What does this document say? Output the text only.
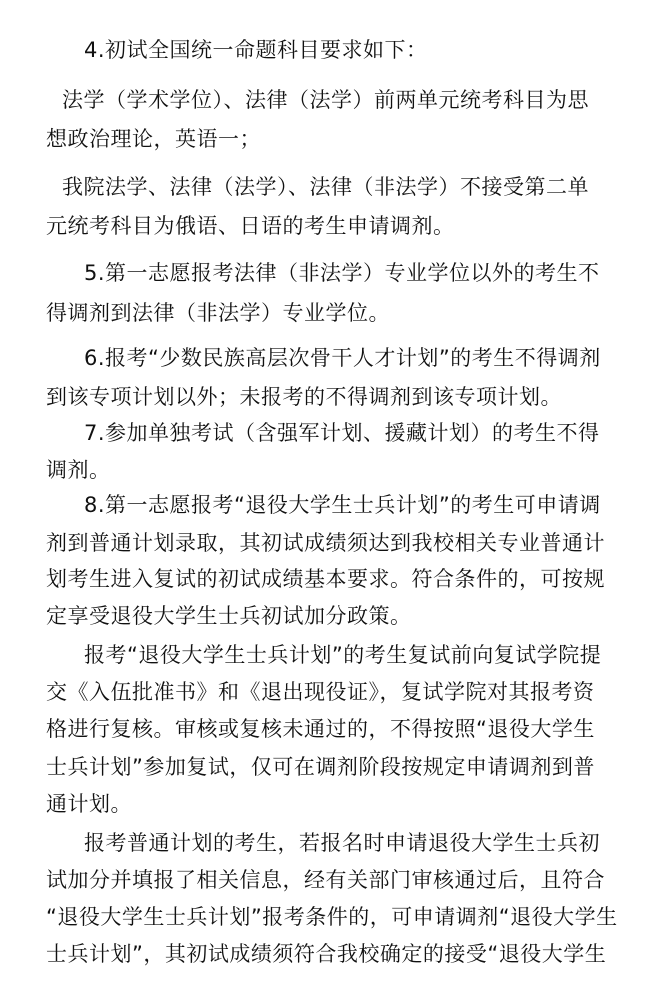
4.初试全国统一命题科目要求如下：
法学（学术学位）、法律（法学）前两单元统考科目为思
想政治理论，英语一；
我院法学、法律（法学）、法律（非法学）不接受第二单
元统考科目为俄语、日语的考生申请调剂。
5.第一志愿报考法律（非法学）专业学位以外的考生不
得调剂到法律（非法学）专业学位。
6.报考“少数民族高层次骨干人才计划”的考生不得调剂
到该专项计划以外；未报考的不得调剂到该专项计划。
7.参加单独考试（含强军计划、援藏计划）的考生不得
调剂。
8.第一志愿报考“退役大学生士兵计划”的考生可申请调
剂到普通计划录取，其初试成绩须达到我校相关专业普通计
划考生进入复试的初试成绩基本要求。符合条件的，可按规
定享受退役大学生士兵初试加分政策。
报考“退役大学生士兵计划”的考生复试前向复试学院提
交《入伍批准书》和《退出现役证》，复试学院对其报考资
格进行复核。审核或复核未通过的，不得按照“退役大学生
士兵计划”参加复试，仅可在调剂阶段按规定申请调剂到普
通计划。
报考普通计划的考生，若报名时申请退役大学生士兵初
试加分并填报了相关信息，经有关部门审核通过后，且符合
“退役大学生士兵计划”报考条件的，可申请调剂“退役大学生
士兵计划”，其初试成绩须符合我校确定的接受“退役大学生
